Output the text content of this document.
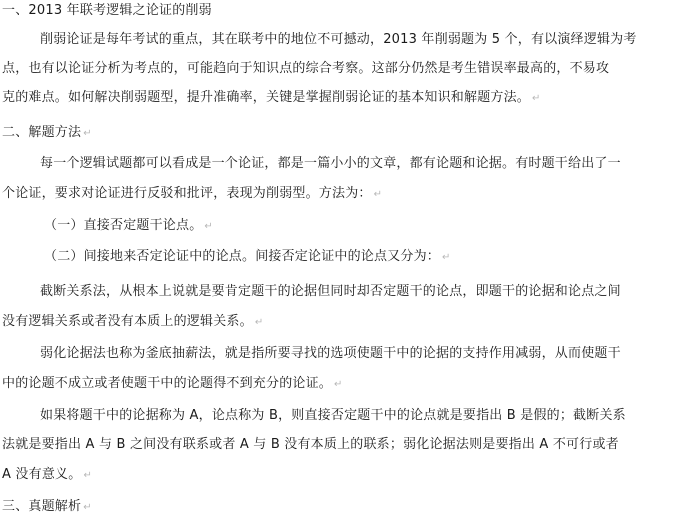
一、2013 年联考逻辑之论证的削弱
削弱论证是每年考试的重点，其在联考中的地位不可撼动，2013 年削弱题为 5 个，有以演绎逻辑为考
点，也有以论证分析为考点的，可能趋向于知识点的综合考察。这部分仍然是考生错误率最高的，不易攻
克的难点。如何解决削弱题型，提升准确率，关键是掌握削弱论证的基本知识和解题方法。 ↵
二、解题方法 ↵
每一个逻辑试题都可以看成是一个论证，都是一篇小小的文章，都有论题和论据。有时题干给出了一
个论证，要求对论证进行反驳和批评，表现为削弱型。方法为： ↵
（一）直接否定题干论点。 ↵
（二）间接地来否定论证中的论点。间接否定论证中的论点又分为： ↵
截断关系法，从根本上说就是要肯定题干的论据但同时却否定题干的论点，即题干的论据和论点之间
没有逻辑关系或者没有本质上的逻辑关系。 ↵
弱化论据法也称为釜底抽薪法，就是指所要寻找的选项使题干中的论据的支持作用减弱，从而使题干
中的论题不成立或者使题干中的论题得不到充分的论证。 ↵
如果将题干中的论据称为 A，论点称为 B，则直接否定题干中的论点就是要指出 B 是假的；截断关系
法就是要指出 A 与 B 之间没有联系或者 A 与 B 没有本质上的联系；弱化论据法则是要指出 A 不可行或者
A 没有意义。 ↵
三、真题解析 ↵
